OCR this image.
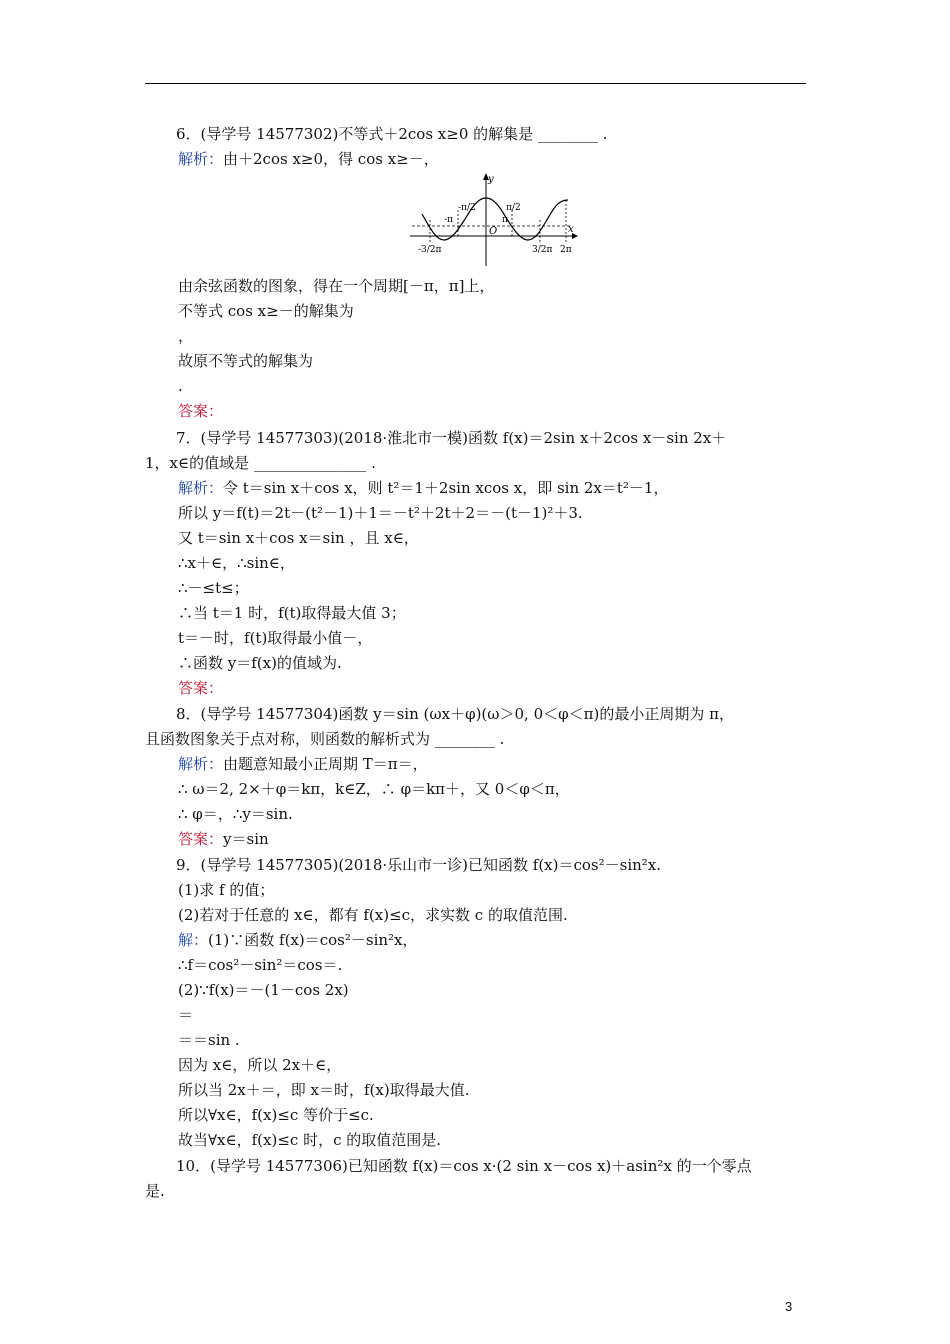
6．(导学号 14577302)不等式＋2cos x≥0 的解集是 ________ .
解析：由＋2cos x≥0，得 cos x≥－，
y
x
O
-π
-π/2	π/2
π
-3/2π	3/2π 2π
由余弦函数的图象，得在一个周期[－π，π]上，
不等式 cos x≥－的解集为
，
故原不等式的解集为
.
答案：
7．(导学号 14577303)(2018·淮北市一模)函数 f(x)＝2sin x＋2cos x－sin 2x＋
1，x∈的值域是 _______________ .
解析：令 t＝sin x＋cos x，则 t²＝1＋2sin xcos x，即 sin 2x＝t²－1，
所以 y＝f(t)＝2t－(t²－1)＋1＝－t²＋2t＋2＝－(t－1)²＋3.
又 t＝sin x＋cos x＝sin ，且 x∈，
∴x＋∈，∴sin∈，
∴－≤t≤；
∴当 t＝1 时，f(t)取得最大值 3；
t＝－时，f(t)取得最小值－，
∴函数 y＝f(x)的值域为.
答案：
8．(导学号 14577304)函数 y＝sin (ωx＋φ)(ω＞0, 0＜φ＜π)的最小正周期为 π，
且函数图象关于点对称，则函数的解析式为 ________ .
解析：由题意知最小正周期 T＝π＝，
∴ ω＝2, 2×＋φ＝kπ，k∈Z，∴ φ＝kπ＋，又 0＜φ＜π，
∴ φ＝，∴y＝sin.
答案：y＝sin
9．(导学号 14577305)(2018·乐山市一诊)已知函数 f(x)＝cos²－sin²x.
(1)求 f 的值；
(2)若对于任意的 x∈，都有 f(x)≤c，求实数 c 的取值范围.
解：(1)∵函数 f(x)＝cos²－sin²x，
∴f＝cos²－sin²＝cos＝.
(2)∵f(x)＝－(1－cos 2x)
＝
＝＝sin .
因为 x∈，所以 2x＋∈，
所以当 2x＋＝，即 x＝时，f(x)取得最大值.
所以∀x∈，f(x)≤c 等价于≤c.
故当∀x∈，f(x)≤c 时，c 的取值范围是.
10．(导学号 14577306)已知函数 f(x)＝cos x·(2 sin x－cos x)＋asin²x 的一个零点
是.
3
